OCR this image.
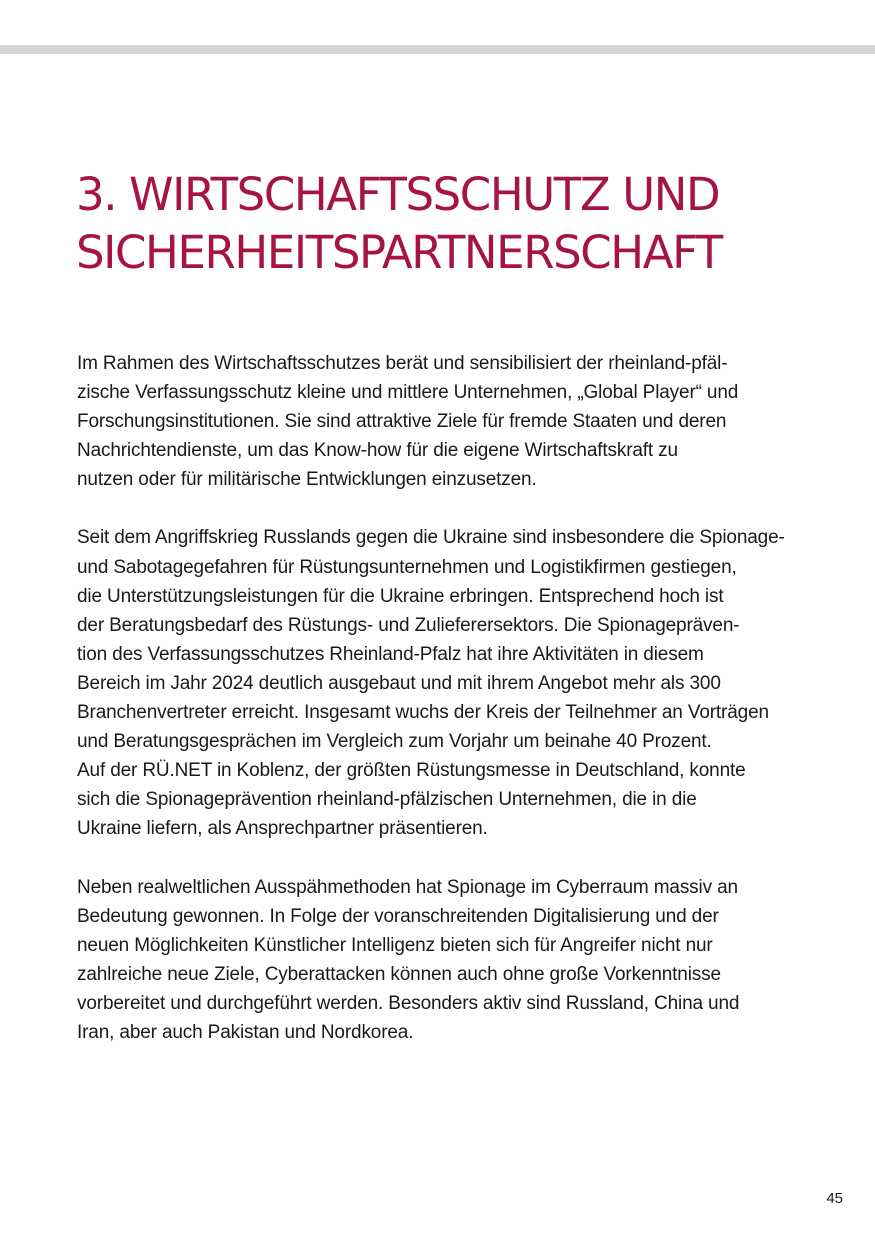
3. WIRTSCHAFTSSCHUTZ UND
SICHERHEITSPARTNERSCHAFT

Im Rahmen des Wirtschaftsschutzes berät und sensibilisiert der rheinland-pfäl-
zische Verfassungsschutz kleine und mittlere Unternehmen, „Global Player“ und
Forschungsinstitutionen. Sie sind attraktive Ziele für fremde Staaten und deren
Nachrichtendienste, um das Know-how für die eigene Wirtschaftskraft zu
nutzen oder für militärische Entwicklungen einzusetzen.

Seit dem Angriffskrieg Russlands gegen die Ukraine sind insbesondere die Spionage-
und Sabotagegefahren für Rüstungsunternehmen und Logistikfirmen gestiegen,
die Unterstützungsleistungen für die Ukraine erbringen. Entsprechend hoch ist
der Beratungsbedarf des Rüstungs- und Zulieferersektors. Die Spionagepräven-
tion des Verfassungsschutzes Rheinland-Pfalz hat ihre Aktivitäten in diesem
Bereich im Jahr 2024 deutlich ausgebaut und mit ihrem Angebot mehr als 300
Branchenvertreter erreicht. Insgesamt wuchs der Kreis der Teilnehmer an Vorträgen
und Beratungsgesprächen im Vergleich zum Vorjahr um beinahe 40 Prozent.
Auf der RÜ.NET in Koblenz, der größten Rüstungsmesse in Deutschland, konnte
sich die Spionageprävention rheinland-pfälzischen Unternehmen, die in die
Ukraine liefern, als Ansprechpartner präsentieren.

Neben realweltlichen Ausspähmethoden hat Spionage im Cyberraum massiv an
Bedeutung gewonnen. In Folge der voranschreitenden Digitalisierung und der
neuen Möglichkeiten Künstlicher Intelligenz bieten sich für Angreifer nicht nur
zahlreiche neue Ziele, Cyberattacken können auch ohne große Vorkenntnisse
vorbereitet und durchgeführt werden. Besonders aktiv sind Russland, China und
Iran, aber auch Pakistan und Nordkorea.

45
